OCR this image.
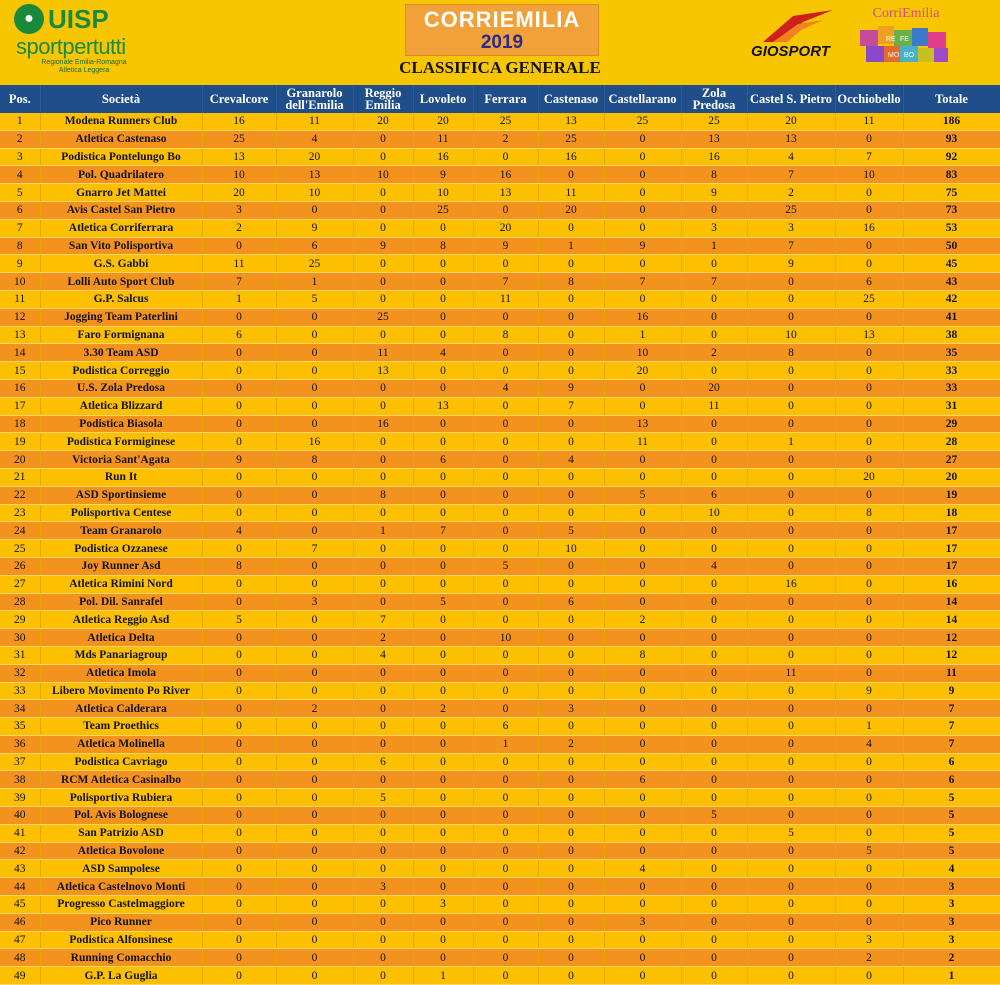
● UISP
sportpertutti
Regionale Emilia-Romagna
Atletica Leggera
CORRIEMILIA
2019
CLASSIFICA GENERALE
GIOSPORT
CorriEmilia
RE FE
MO BO
Pos.	Società	Crevalcore	Granarolo dell'Emilia	Reggio Emilia	Lovoleto	Ferrara	Castenaso	Castellarano	Zola Predosa	Castel S. Pietro	Occhiobello	Totale
1	Modena Runners Club	16	11	20	20	25	13	25	25	20	11	186
2	Atletica Castenaso	25	4	0	11	2	25	0	13	13	0	93
3	Podistica Pontelungo Bo	13	20	0	16	0	16	0	16	4	7	92
4	Pol. Quadrilatero	10	13	10	9	16	0	0	8	7	10	83
5	Gnarro Jet Mattei	20	10	0	10	13	11	0	9	2	0	75
6	Avis Castel San Pietro	3	0	0	25	0	20	0	0	25	0	73
7	Atletica Corriferrara	2	9	0	0	20	0	0	3	3	16	53
8	San Vito Polisportiva	0	6	9	8	9	1	9	1	7	0	50
9	G.S. Gabbi	11	25	0	0	0	0	0	0	9	0	45
10	Lolli Auto Sport Club	7	1	0	0	7	8	7	7	0	6	43
11	G.P. Salcus	1	5	0	0	11	0	0	0	0	25	42
12	Jogging Team Paterlini	0	0	25	0	0	0	16	0	0	0	41
13	Faro Formignana	6	0	0	0	8	0	1	0	10	13	38
14	3.30 Team ASD	0	0	11	4	0	0	10	2	8	0	35
15	Podistica Correggio	0	0	13	0	0	0	20	0	0	0	33
16	U.S. Zola Predosa	0	0	0	0	4	9	0	20	0	0	33
17	Atletica Blizzard	0	0	0	13	0	7	0	11	0	0	31
18	Podistica Biasola	0	0	16	0	0	0	13	0	0	0	29
19	Podistica Formiginese	0	16	0	0	0	0	11	0	1	0	28
20	Victoria Sant'Agata	9	8	0	6	0	4	0	0	0	0	27
21	Run It	0	0	0	0	0	0	0	0	0	20	20
22	ASD Sportinsieme	0	0	8	0	0	0	5	6	0	0	19
23	Polisportiva Centese	0	0	0	0	0	0	0	10	0	8	18
24	Team Granarolo	4	0	1	7	0	5	0	0	0	0	17
25	Podistica Ozzanese	0	7	0	0	0	10	0	0	0	0	17
26	Joy Runner Asd	8	0	0	0	5	0	0	4	0	0	17
27	Atletica Rimini Nord	0	0	0	0	0	0	0	0	16	0	16
28	Pol. Dil. Sanrafel	0	3	0	5	0	6	0	0	0	0	14
29	Atletica Reggio Asd	5	0	7	0	0	0	2	0	0	0	14
30	Atletica Delta	0	0	2	0	10	0	0	0	0	0	12
31	Mds Panariagroup	0	0	4	0	0	0	8	0	0	0	12
32	Atletica Imola	0	0	0	0	0	0	0	0	11	0	11
33	Libero Movimento Po River	0	0	0	0	0	0	0	0	0	9	9
34	Atletica Calderara	0	2	0	2	0	3	0	0	0	0	7
35	Team Proethics	0	0	0	0	6	0	0	0	0	1	7
36	Atletica Molinella	0	0	0	0	1	2	0	0	0	4	7
37	Podistica Cavriago	0	0	6	0	0	0	0	0	0	0	6
38	RCM Atletica Casinalbo	0	0	0	0	0	0	6	0	0	0	6
39	Polisportiva Rubiera	0	0	5	0	0	0	0	0	0	0	5
40	Pol. Avis Bolognese	0	0	0	0	0	0	0	5	0	0	5
41	San Patrizio ASD	0	0	0	0	0	0	0	0	5	0	5
42	Atletica Bovolone	0	0	0	0	0	0	0	0	0	5	5
43	ASD Sampolese	0	0	0	0	0	0	4	0	0	0	4
44	Atletica Castelnovo Monti	0	0	3	0	0	0	0	0	0	0	3
45	Progresso Castelmaggiore	0	0	0	3	0	0	0	0	0	0	3
46	Pico Runner	0	0	0	0	0	0	3	0	0	0	3
47	Podistica Alfonsinese	0	0	0	0	0	0	0	0	0	3	3
48	Running Comacchio	0	0	0	0	0	0	0	0	0	2	2
49	G.P. La Guglia	0	0	0	1	0	0	0	0	0	0	1
